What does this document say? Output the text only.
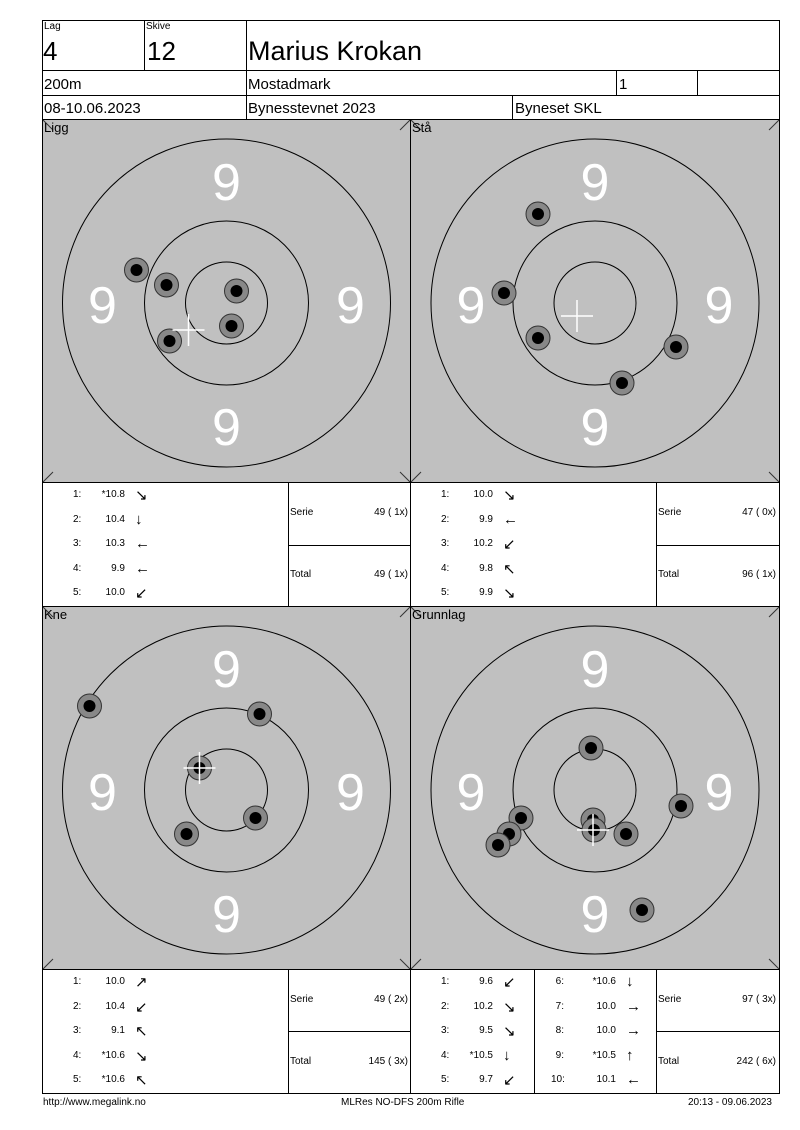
Lag
4
Skive
12	Marius Krokan
200m	Mostadmark	1
08-10.06.2023	Bynesstevnet 2023	Byneset SKL
9
9	9
9
9
9	9
9
9
9	9
9
9
9	9
9
Ligg	Stå
Kne	Grunnlag
1:	*10.8 ↘
2:	10.4 ↓
3:	10.3 ←
4:	9.9 ←
5:	10.0 ↙
Serie	49 ( 1x)
Total	49 ( 1x)
1:	10.0 ↘
2:	9.9 ←
3:	10.2 ↙
4:	9.8 ↖
5:	9.9 ↘
Serie	47 ( 0x)
Total	96 ( 1x)
1:	10.0 ↗
2:	10.4 ↙
3:	9.1 ↖
4:	*10.6 ↘
5:	*10.6 ↖
Serie	49 ( 2x)
Total	145 ( 3x)
1:	9.6 ↙
2:	10.2 ↘
3:	9.5 ↘
4:	*10.5 ↓
5:	9.7 ↙
6:	*10.6 ↓
7:	10.0 →
8:	10.0 →
9:	*10.5 ↑
10:	10.1 ←
Serie	97 ( 3x)
Total	242 ( 6x)
http://www.megalink.no	MLRes NO-DFS 200m Rifle	20:13 - 09.06.2023
